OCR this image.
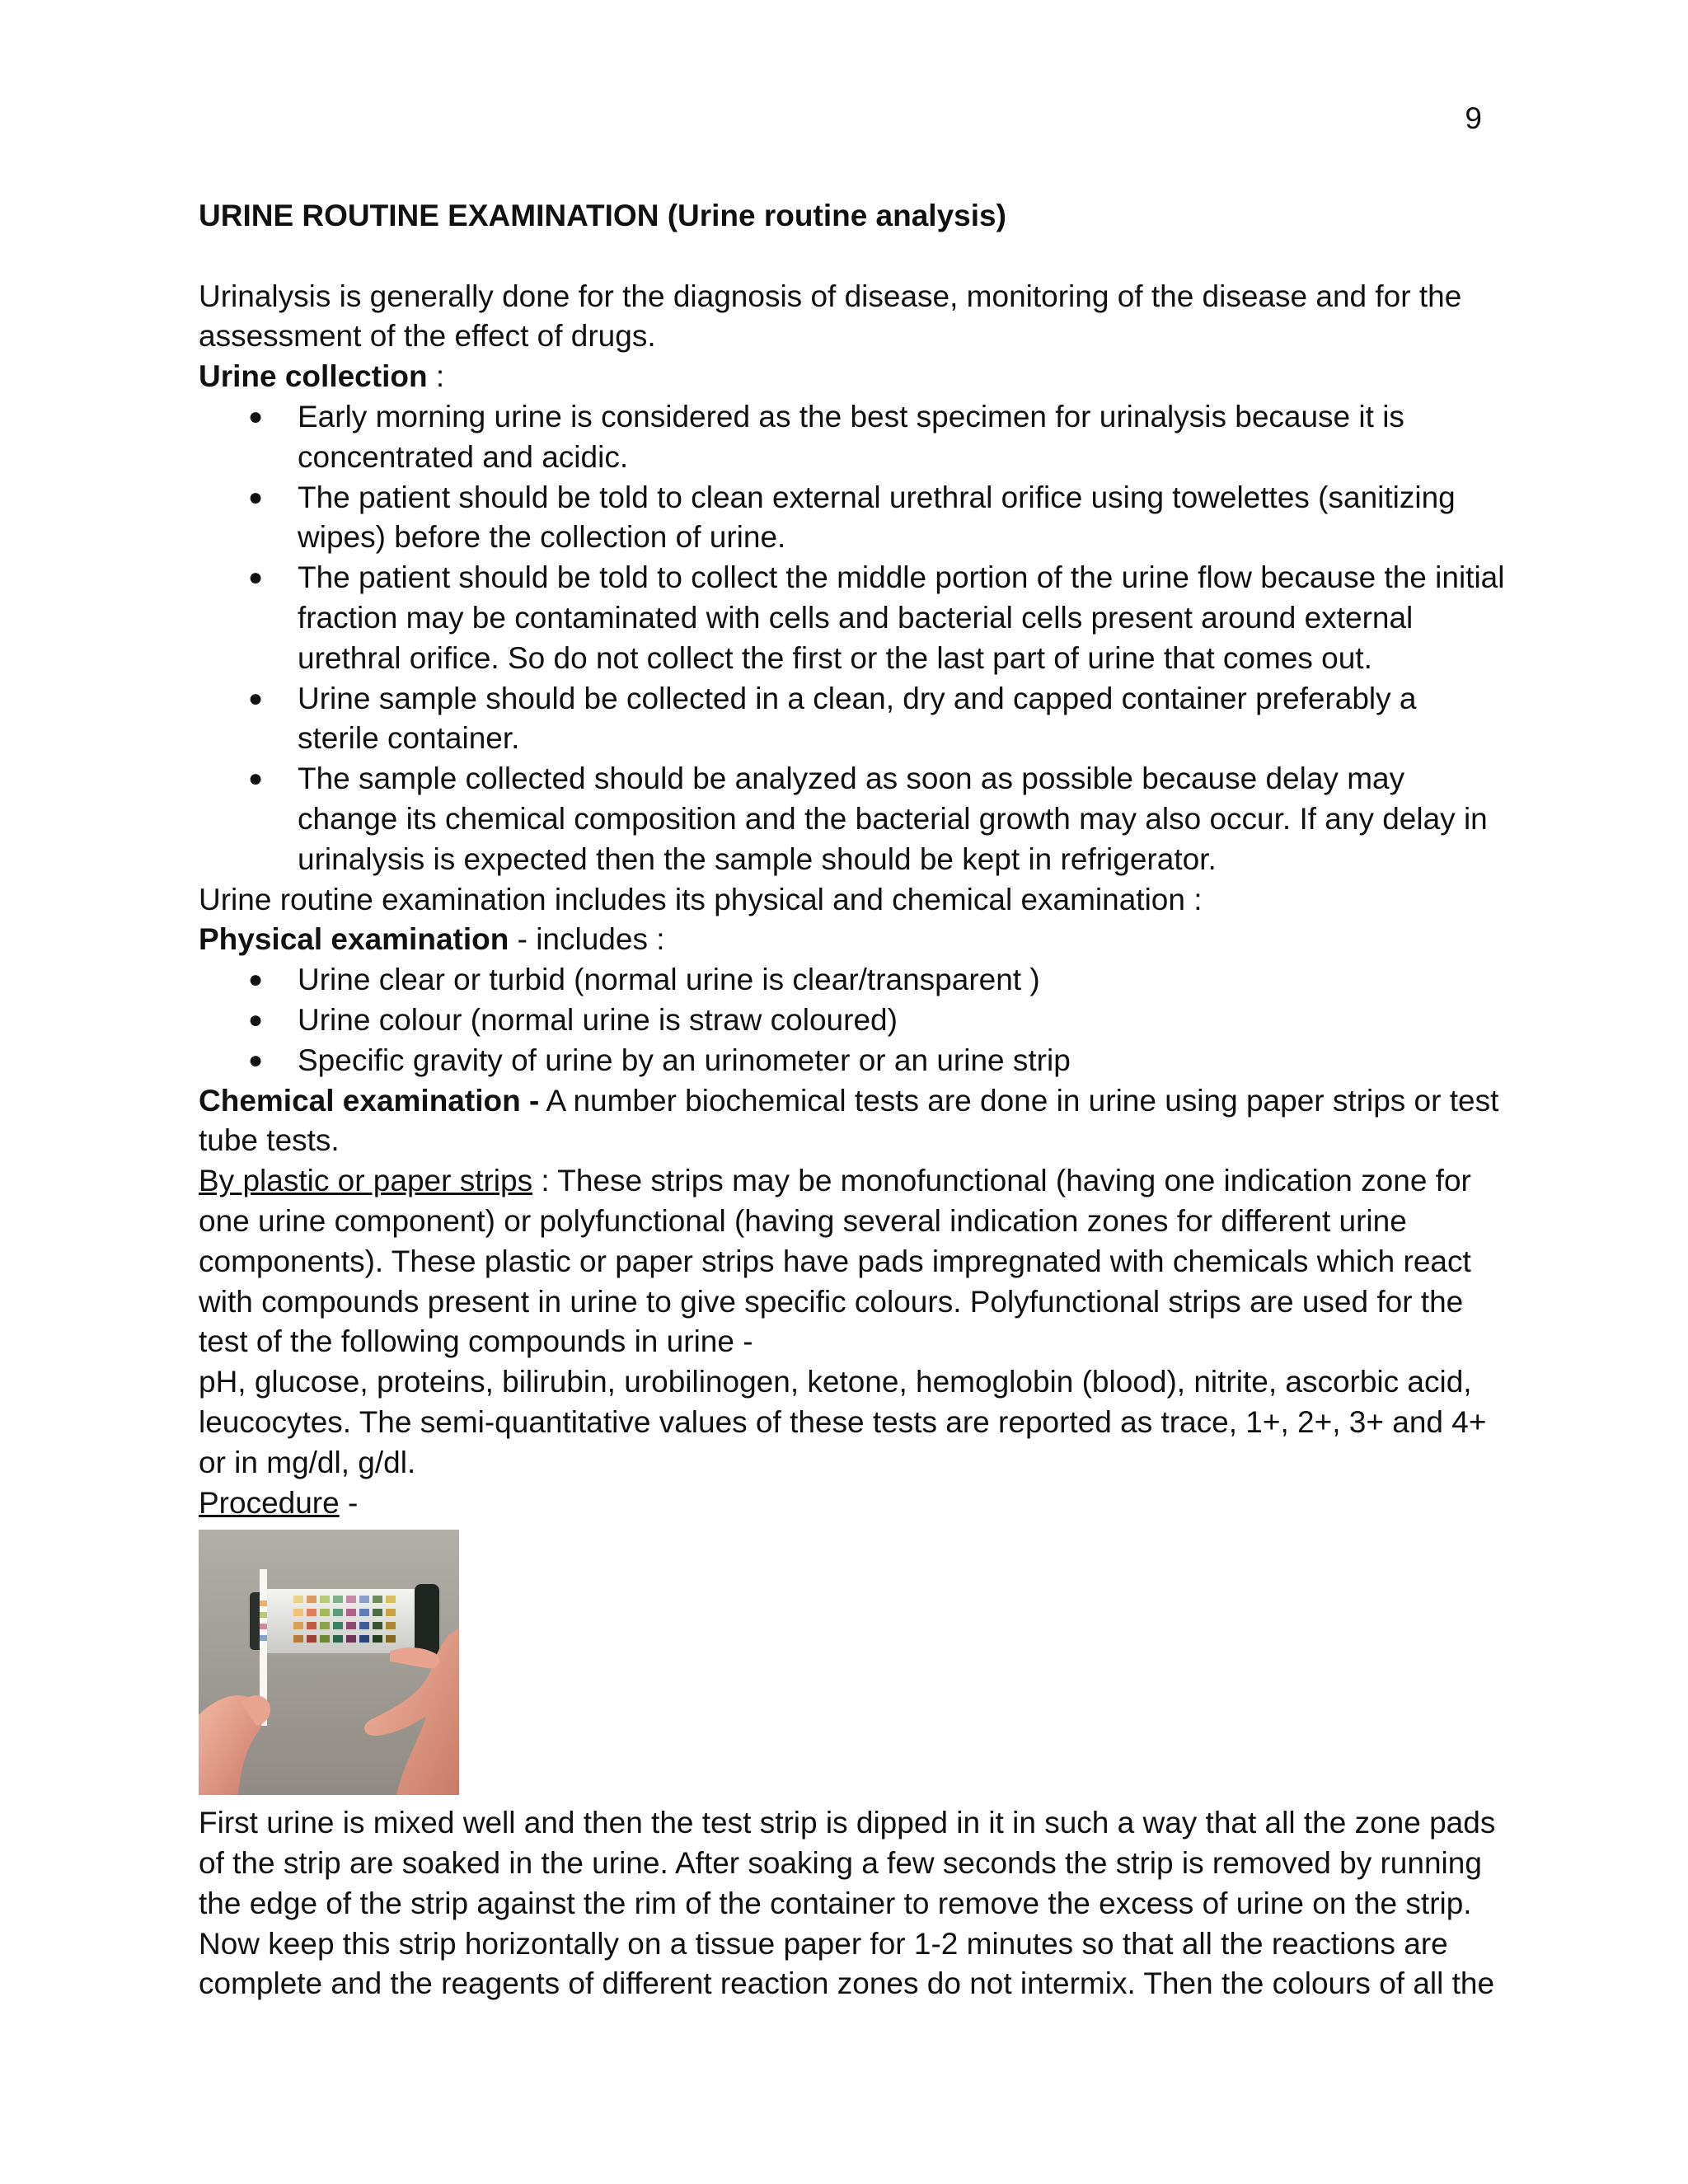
9

URINE ROUTINE EXAMINATION (Urine routine analysis)

Urinalysis is generally done for the diagnosis of disease, monitoring of the disease and for the assessment of the effect of drugs.

Urine collection :

● Early morning urine is considered as the best specimen for urinalysis because it is concentrated and acidic.
● The patient should be told to clean external urethral orifice using towelettes (sanitizing wipes) before the collection of urine.
● The patient should be told to collect the middle portion of the urine flow because the initial fraction may be contaminated with cells and bacterial cells present around external urethral orifice. So do not collect the first or the last part of urine that comes out.
● Urine sample should be collected in a clean, dry and capped container preferably a sterile container.
● The sample collected should be analyzed as soon as possible because delay may change its chemical composition and the bacterial growth may also occur. If any delay in urinalysis is expected then the sample should be kept in refrigerator.

Urine routine examination includes its physical and chemical examination :

Physical examination - includes :

● Urine clear or turbid (normal urine is clear/transparent )
● Urine colour (normal urine is straw coloured)
● Specific gravity of urine by an urinometer or an urine strip

Chemical examination - A number biochemical tests are done in urine using paper strips or test tube tests.

By plastic or paper strips : These strips may be monofunctional (having one indication zone for one urine component) or polyfunctional (having several indication zones for different urine components). These plastic or paper strips have pads impregnated with chemicals which react with compounds present in urine to give specific colours. Polyfunctional strips are used for the test of the following compounds in urine -

pH, glucose, proteins, bilirubin, urobilinogen, ketone, hemoglobin (blood), nitrite, ascorbic acid, leucocytes. The semi-quantitative values of these tests are reported as trace, 1+, 2+, 3+ and 4+ or in mg/dl, g/dl.

Procedure -

First urine is mixed well and then the test strip is dipped in it in such a way that all the zone pads of the strip are soaked in the urine. After soaking a few seconds the strip is removed by running the edge of the strip against the rim of the container to remove the excess of urine on the strip. Now keep this strip horizontally on a tissue paper for 1-2 minutes so that all the reactions are complete and the reagents of different reaction zones do not intermix. Then the colours of all the
